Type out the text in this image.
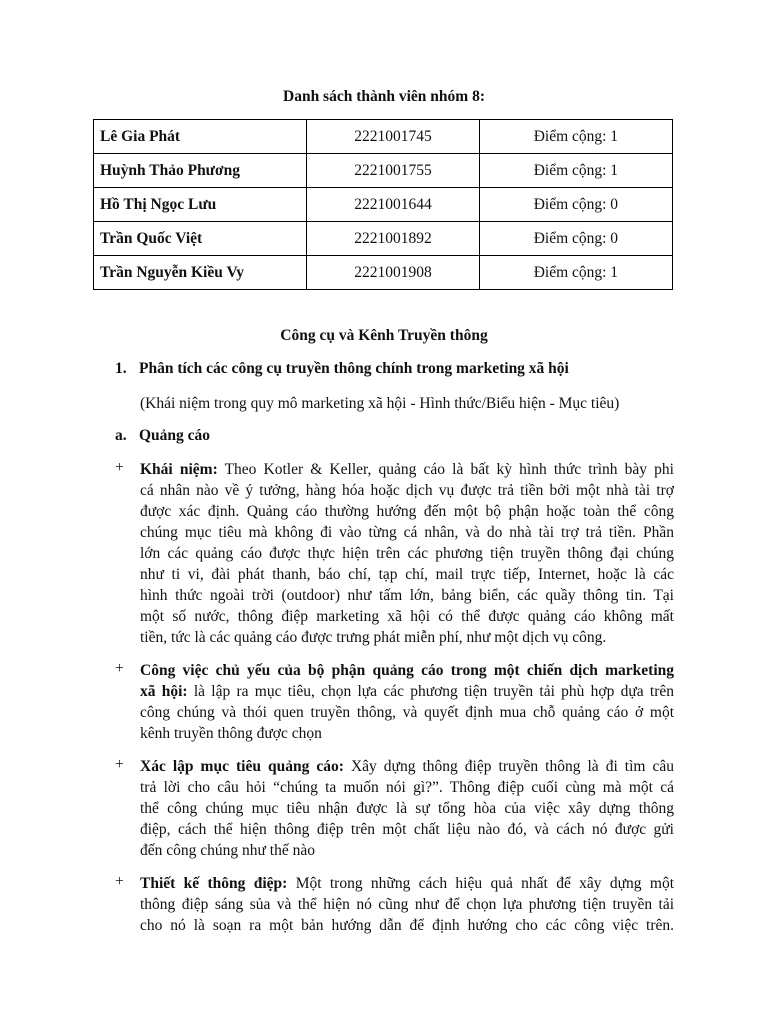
Danh sách thành viên nhóm 8:
Lê Gia Phát	2221001745	Điểm cộng: 1
Huỳnh Thảo Phương	2221001755	Điểm cộng: 1
Hồ Thị Ngọc Lưu	2221001644	Điểm cộng: 0
Trần Quốc Việt	2221001892	Điểm cộng: 0
Trần Nguyễn Kiều Vy	2221001908	Điểm cộng: 1
Công cụ và Kênh Truyền thông
1. Phân tích các công cụ truyền thông chính trong marketing xã hội
(Khái niệm trong quy mô marketing xã hội - Hình thức/Biểu hiện - Mục tiêu)
a. Quảng cáo
+	Khái niệm: Theo Kotler & Keller, quảng cáo là bất kỳ hình thức trình bày phi
cá nhân nào về ý tưởng, hàng hóa hoặc dịch vụ được trả tiền bởi một nhà tài trợ
được xác định. Quảng cáo thường hướng đến một bộ phận hoặc toàn thể công
chúng mục tiêu mà không đi vào từng cá nhân, và do nhà tài trợ trả tiền. Phần
lớn các quảng cáo được thực hiện trên các phương tiện truyền thông đại chúng
như ti vi, đài phát thanh, báo chí, tạp chí, mail trực tiếp, Internet, hoặc là các
hình thức ngoài trời (outdoor) như tấm lớn, bảng biển, các quầy thông tin. Tại
một số nước, thông điệp marketing xã hội có thể được quảng cáo không mất
tiền, tức là các quảng cáo được trưng phát miễn phí, như một dịch vụ công.
+	Công việc chủ yếu của bộ phận quảng cáo trong một chiến dịch marketing
xã hội: là lập ra mục tiêu, chọn lựa các phương tiện truyền tải phù hợp dựa trên
công chúng và thói quen truyền thông, và quyết định mua chỗ quảng cáo ở một
kênh truyền thông được chọn
+	Xác lập mục tiêu quảng cáo: Xây dựng thông điệp truyền thông là đi tìm câu
trả lời cho câu hỏi “chúng ta muốn nói gì?”. Thông điệp cuối cùng mà một cá
thể công chúng mục tiêu nhận được là sự tổng hòa của việc xây dựng thông
điệp, cách thể hiện thông điệp trên một chất liệu nào đó, và cách nó được gửi
đến công chúng như thế nào
+	Thiết kế thông điệp: Một trong những cách hiệu quả nhất để xây dựng một
thông điệp sáng sủa và thể hiện nó cũng như để chọn lựa phương tiện truyền tải
cho nó là soạn ra một bản hướng dẫn để định hướng cho các công việc trên.
